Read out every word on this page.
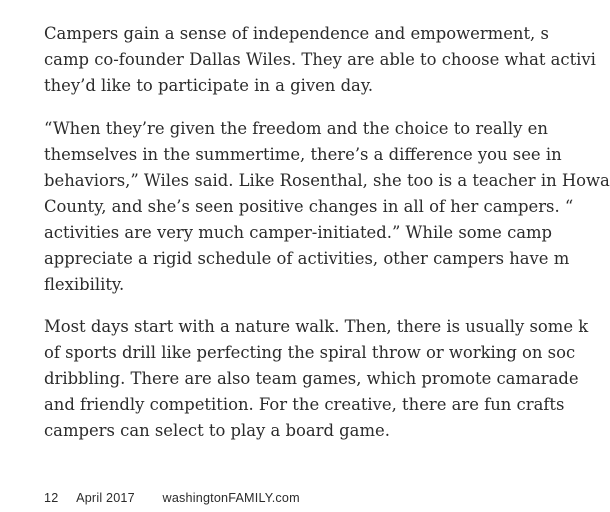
Campers gain a sense of independence and empowerment, s
camp co-founder Dallas Wiles. They are able to choose what activi
they’d like to participate in a given day.

“When they’re given the freedom and the choice to really en
themselves in the summertime, there’s a difference you see in
behaviors,” Wiles said. Like Rosenthal, she too is a teacher in Howa
County, and she’s seen positive changes in all of her campers. “
activities are very much camper-initiated.” While some camp
appreciate a rigid schedule of activities, other campers have m
flexibility.

Most days start with a nature walk. Then, there is usually some k
of sports drill like perfecting the spiral throw or working on soc
dribbling. There are also team games, which promote camarade
and friendly competition. For the creative, there are fun crafts
campers can select to play a board game.

12 April 2017 washingtonFAMILY.com
